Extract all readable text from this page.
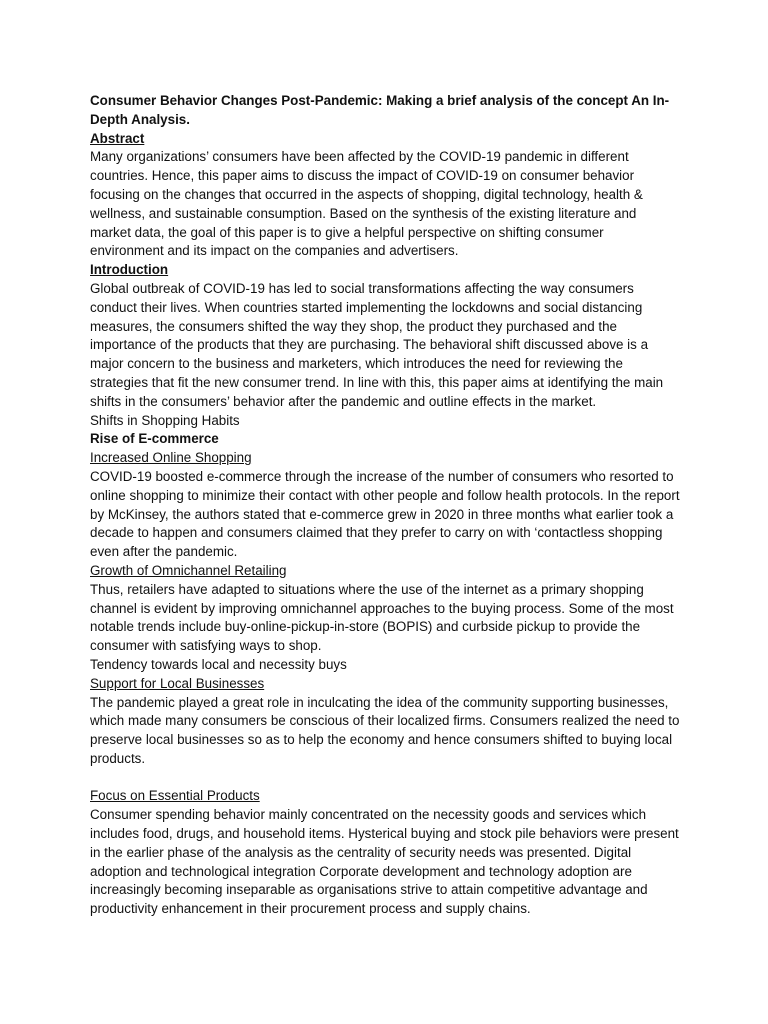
Consumer Behavior Changes Post-Pandemic: Making a brief analysis of the concept An In-Depth Analysis.

Abstract

Many organizations’ consumers have been affected by the COVID-19 pandemic in different countries. Hence, this paper aims to discuss the impact of COVID-19 on consumer behavior focusing on the changes that occurred in the aspects of shopping, digital technology, health & wellness, and sustainable consumption. Based on the synthesis of the existing literature and market data, the goal of this paper is to give a helpful perspective on shifting consumer environment and its impact on the companies and advertisers.

Introduction

Global outbreak of COVID-19 has led to social transformations affecting the way consumers conduct their lives. When countries started implementing the lockdowns and social distancing measures, the consumers shifted the way they shop, the product they purchased and the importance of the products that they are purchasing. The behavioral shift discussed above is a major concern to the business and marketers, which introduces the need for reviewing the strategies that fit the new consumer trend. In line with this, this paper aims at identifying the main shifts in the consumers’ behavior after the pandemic and outline effects in the market.

Shifts in Shopping Habits

Rise of E-commerce

Increased Online Shopping

COVID-19 boosted e-commerce through the increase of the number of consumers who resorted to online shopping to minimize their contact with other people and follow health protocols. In the report by McKinsey, the authors stated that e-commerce grew in 2020 in three months what earlier took a decade to happen and consumers claimed that they prefer to carry on with ‘contactless shopping even after the pandemic.

Growth of Omnichannel Retailing

Thus, retailers have adapted to situations where the use of the internet as a primary shopping channel is evident by improving omnichannel approaches to the buying process. Some of the most notable trends include buy-online-pickup-in-store (BOPIS) and curbside pickup to provide the consumer with satisfying ways to shop.

Tendency towards local and necessity buys

Support for Local Businesses

The pandemic played a great role in inculcating the idea of the community supporting businesses, which made many consumers be conscious of their localized firms. Consumers realized the need to preserve local businesses so as to help the economy and hence consumers shifted to buying local products.

Focus on Essential Products

Consumer spending behavior mainly concentrated on the necessity goods and services which includes food, drugs, and household items. Hysterical buying and stock pile behaviors were present in the earlier phase of the analysis as the centrality of security needs was presented. Digital adoption and technological integration Corporate development and technology adoption are increasingly becoming inseparable as organisations strive to attain competitive advantage and productivity enhancement in their procurement process and supply chains.
